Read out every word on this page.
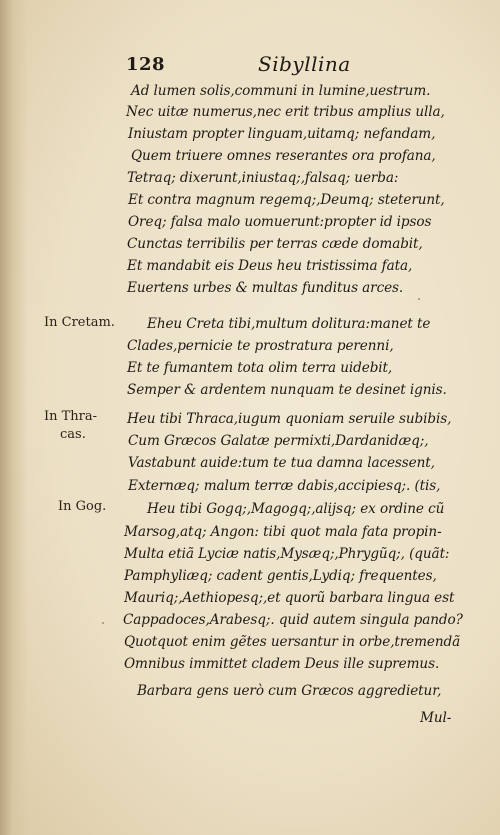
128	Sibyllina
Ad lumen solis,communi in lumine,uestrum.
Nec uitæ numerus,nec erit tribus amplius ulla,
Iniustam propter linguam,uitamq; nefandam,
Quem triuere omnes reserantes ora profana,
Tetraq; dixerunt,iniustaq;,falsaq; uerba:
Et contra magnum regemq;,Deumq; steterunt,
Oreq; falsa malo uomuerunt:propter id ipsos
Cunctas terribilis per terras cæde domabit,
Et mandabit eis Deus heu tristissima fata,
Euertens urbes & multas funditus arces.
Eheu Creta tibi,multum dolitura:manet te
Clades,pernicie te prostratura perenni,
Et te fumantem tota olim terra uidebit,
Semper & ardentem nunquam te desinet ignis.
Heu tibi Thraca,iugum quoniam seruile subibis,
Cum Græcos Galatæ permixti,Dardanidæq;,
Vastabunt auide:tum te tua damna lacessent,
Externæq; malum terræ dabis,accipiesq;. (tis,
Heu tibi Gogq;,Magogq;,alijsq; ex ordine cũ
Marsog,atq; Angon: tibi quot mala fata propin-
Multa etiã Lyciæ natis,Mysæq;,Phrygũq;, (quãt:
Pamphyliæq; cadent gentis,Lydiq; frequentes,
Mauriq;,Aethiopesq;,et quorũ barbara lingua est
Cappadoces,Arabesq;. quid autem singula pando?
Quotquot enim gẽtes uersantur in orbe,tremendã
Omnibus immittet cladem Deus ille supremus.
Barbara gens uerò cum Græcos aggredietur,
Mul-
In Cretam.
In Thra-
cas.
In Gog.
